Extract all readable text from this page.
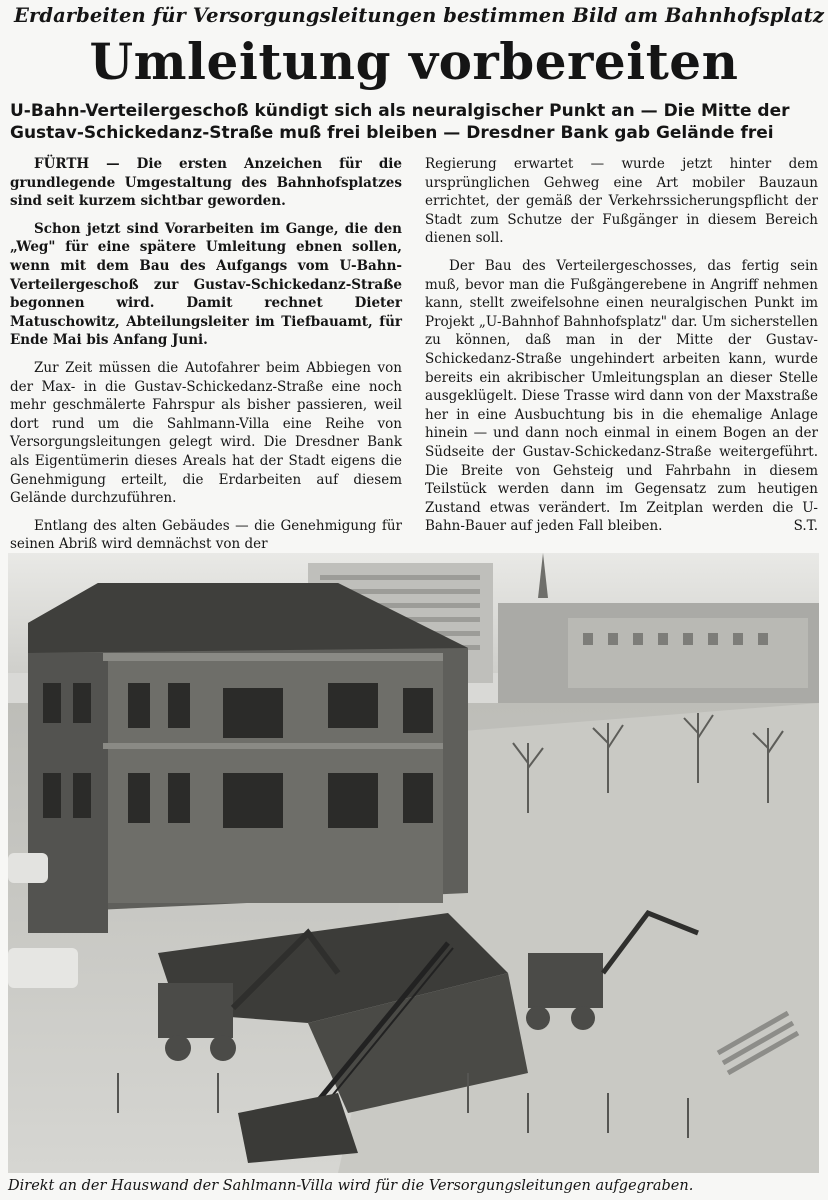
Erdarbeiten für Versorgungsleitungen bestimmen Bild am Bahnhofsplatz
Umleitung vorbereiten
U-Bahn-Verteilergeschoß kündigt sich als neuralgischer Punkt an — Die Mitte der
Gustav-Schickedanz-Straße muß frei bleiben — Dresdner Bank gab Gelände frei

FÜRTH — Die ersten Anzeichen für die grundlegende Umgestaltung des Bahnhofsplatzes sind seit kurzem sichtbar geworden.

Schon jetzt sind Vorarbeiten im Gange, die den „Weg" für eine spätere Umleitung ebnen sollen, wenn mit dem Bau des Aufgangs vom U-Bahn-Verteilergeschoß zur Gustav-Schickedanz-Straße begonnen wird. Damit rechnet Dieter Matuschowitz, Abteilungsleiter im Tiefbauamt, für Ende Mai bis Anfang Juni.

Zur Zeit müssen die Autofahrer beim Abbiegen von der Max- in die Gustav-Schickedanz-Straße eine noch mehr geschmälerte Fahrspur als bisher passieren, weil dort rund um die Sahlmann-Villa eine Reihe von Versorgungsleitungen gelegt wird. Die Dresdner Bank als Eigentümerin dieses Areals hat der Stadt eigens die Genehmigung erteilt, die Erdarbeiten auf diesem Gelände durchzuführen.

Entlang des alten Gebäudes — die Genehmigung für seinen Abriß wird demnächst von der

Regierung erwartet — wurde jetzt hinter dem ursprünglichen Gehweg eine Art mobiler Bauzaun errichtet, der gemäß der Verkehrssicherungspflicht der Stadt zum Schutze der Fußgänger in diesem Bereich dienen soll.

Der Bau des Verteilergeschosses, das fertig sein muß, bevor man die Fußgängerebene in Angriff nehmen kann, stellt zweifelsohne einen neuralgischen Punkt im Projekt „U-Bahnhof Bahnhofsplatz" dar. Um sicherstellen zu können, daß man in der Mitte der Gustav-Schickedanz-Straße ungehindert arbeiten kann, wurde bereits ein akribischer Umleitungsplan an dieser Stelle ausgeklügelt. Diese Trasse wird dann von der Maxstraße her in eine Ausbuchtung bis in die ehemalige Anlage hinein — und dann noch einmal in einem Bogen an der Südseite der Gustav-Schickedanz-Straße weitergeführt. Die Breite von Gehsteig und Fahrbahn in diesem Teilstück werden dann im Gegensatz zum heutigen Zustand etwas verändert. Im Zeitplan werden die U-Bahn-Bauer auf jeden Fall bleiben.	S.T.

Direkt an der Hauswand der Sahlmann-Villa wird für die Versorgungsleitungen aufgegraben.
